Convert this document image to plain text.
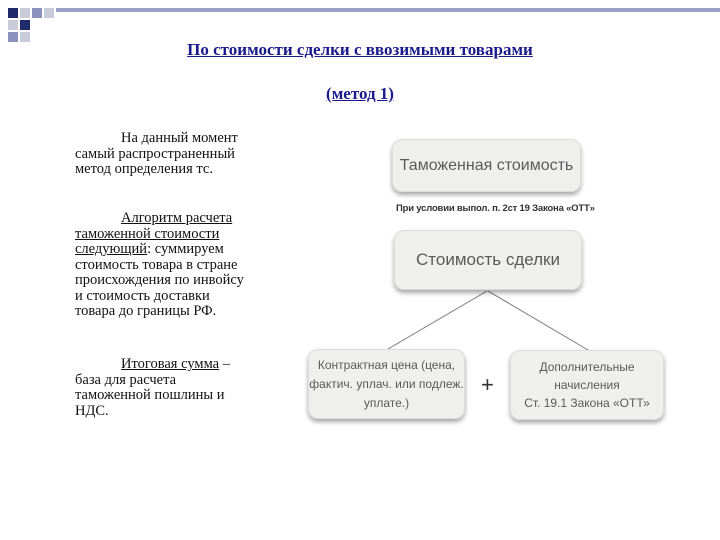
По стоимости сделки с ввозимыми товарами
(метод 1)
На данный момент
самый распространенный
метод определения тс.
Алгоритм расчета
таможенной стоимости
следующий: суммируем
стоимость товара в стране
происхождения по инвойсу
и стоимость доставки
товара до границы РФ.
Итоговая сумма –
база для расчета
таможенной пошлины и
НДС.
Таможенная стоимость
При условии выпол. п. 2ст 19 Закона «ОТТ»
Стоимость сделки
Контрактная цена (цена,
фактич. уплач. или подлеж.
уплате.)
+
Дополнительные
начисления
Ст. 19.1 Закона «ОТТ»
